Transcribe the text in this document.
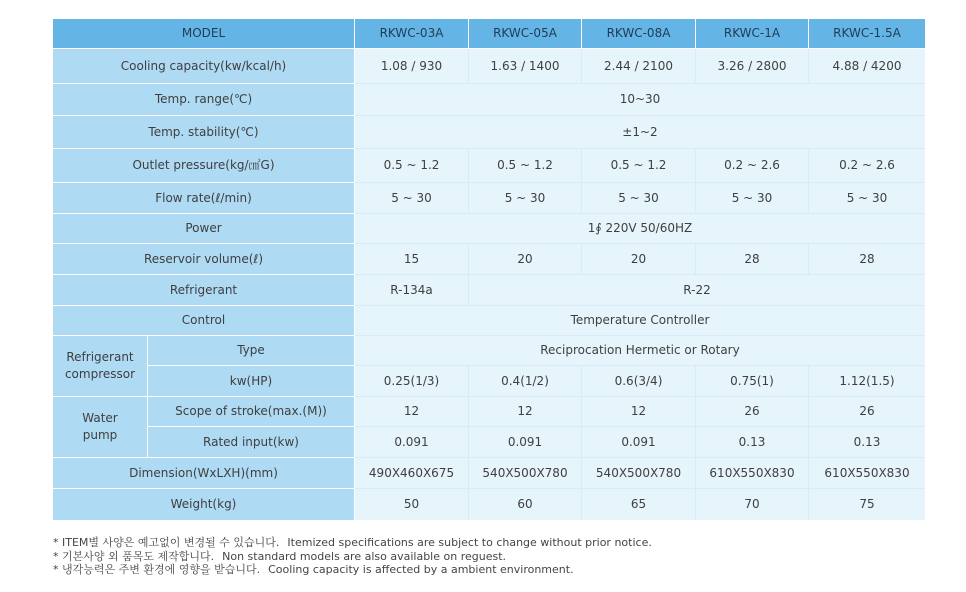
MODEL		RKWC-03A	RKWC-05A	RKWC-08A	RKWC-1A	RKWC-1.5A
Cooling capacity(kw/kcal/h)		1.08 / 930	1.63 / 1400	2.44 / 2100	3.26 / 2800	4.88 / 4200
Temp. range(℃)		10~30				
Temp. stability(℃)		±1~2				
Outlet pressure(kg/㎠G)		0.5 ~ 1.2	0.5 ~ 1.2	0.5 ~ 1.2	0.2 ~ 2.6	0.2 ~ 2.6
Flow rate(ℓ/min)		5 ~ 30	5 ~ 30	5 ~ 30	5 ~ 30	5 ~ 30
Power		1∮ 220V 50/60HZ				
Reservoir volume(ℓ)		15	20	20	28	28
Refrigerant		R-134a	R-22			
Control		Temperature Controller				
Refrigerant
compressor	Type	Reciprocation Hermetic or Rotary				
	kw(HP)	0.25(1/3)	0.4(1/2)	0.6(3/4)	0.75(1)	1.12(1.5)
Water
pump	Scope of stroke(max.(M))	12	12	12	26	26
	Rated input(kw)	0.091	0.091	0.091	0.13	0.13
Dimension(WxLXH)(mm)		490X460X675	540X500X780	540X500X780	610X550X830	610X550X830
Weight(kg)		50	60	65	70	75
* ITEM별 사양은 예고없이 변경될 수 있습니다. Itemized specifications are subject to change without prior notice.
* 기본사양 외 품목도 제작합니다. Non standard models are also available on reguest.
* 냉각능력은 주변 환경에 영향을 받습니다. Cooling capacity is affected by a ambient environment.
